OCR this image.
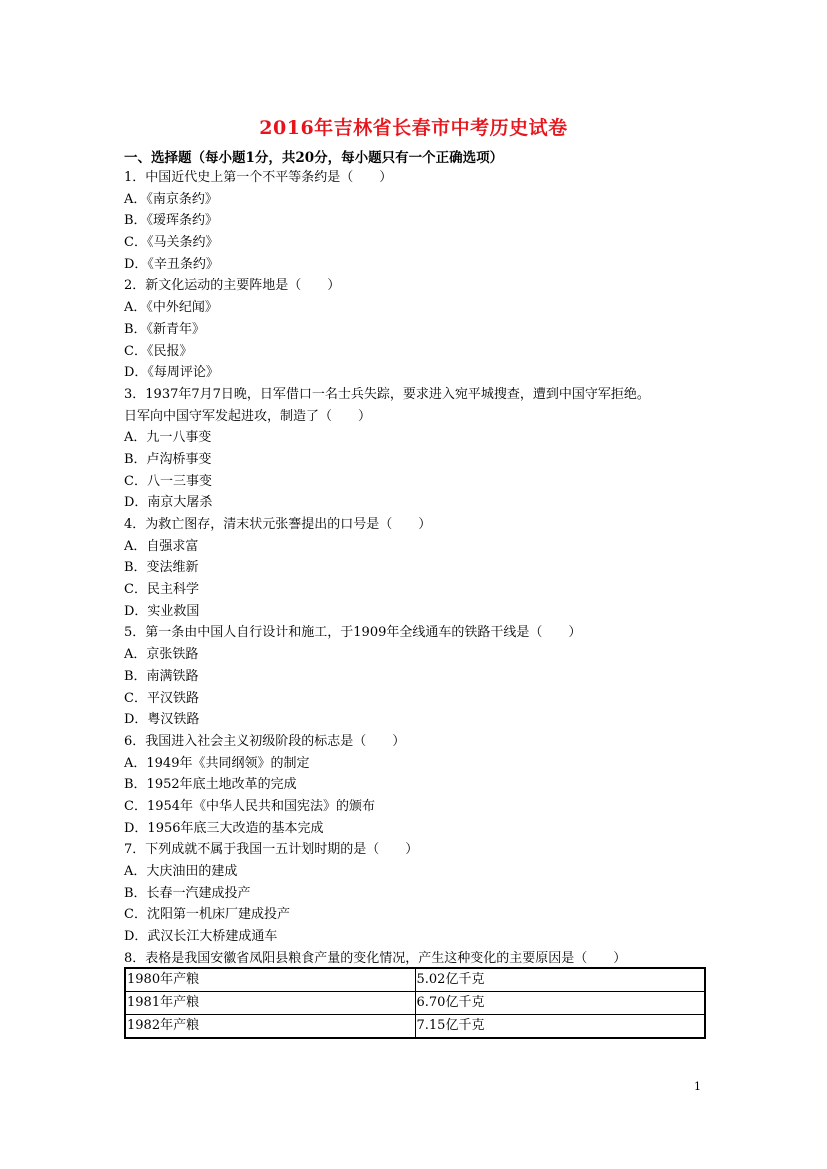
2016年吉林省长春市中考历史试卷
一、选择题（每小题1分，共20分，每小题只有一个正确选项）
1．中国近代史上第一个不平等条约是（　　）
A．《南京条约》
B．《瑷珲条约》
C．《马关条约》
D．《辛丑条约》
2．新文化运动的主要阵地是（　　）
A．《中外纪闻》
B．《新青年》
C．《民报》
D．《每周评论》
3．1937年7月7日晚，日军借口一名士兵失踪，要求进入宛平城搜查，遭到中国守军拒绝。
日军向中国守军发起进攻，制造了（　　）
A．九一八事变
B．卢沟桥事变
C．八一三事变
D．南京大屠杀
4．为救亡图存，清末状元张謇提出的口号是（　　）
A．自强求富
B．变法维新
C．民主科学
D．实业救国
5．第一条由中国人自行设计和施工，于1909年全线通车的铁路干线是（　　）
A．京张铁路
B．南满铁路
C．平汉铁路
D．粤汉铁路
6．我国进入社会主义初级阶段的标志是（　　）
A．1949年《共同纲领》的制定
B．1952年底土地改革的完成
C．1954年《中华人民共和国宪法》的颁布
D．1956年底三大改造的基本完成
7．下列成就不属于我国一五计划时期的是（　　）
A．大庆油田的建成
B．长春一汽建成投产
C．沈阳第一机床厂建成投产
D．武汉长江大桥建成通车
8．表格是我国安徽省凤阳县粮食产量的变化情况，产生这种变化的主要原因是（　　）
1980年产粮	5.02亿千克
1981年产粮	6.70亿千克
1982年产粮	7.15亿千克
1
